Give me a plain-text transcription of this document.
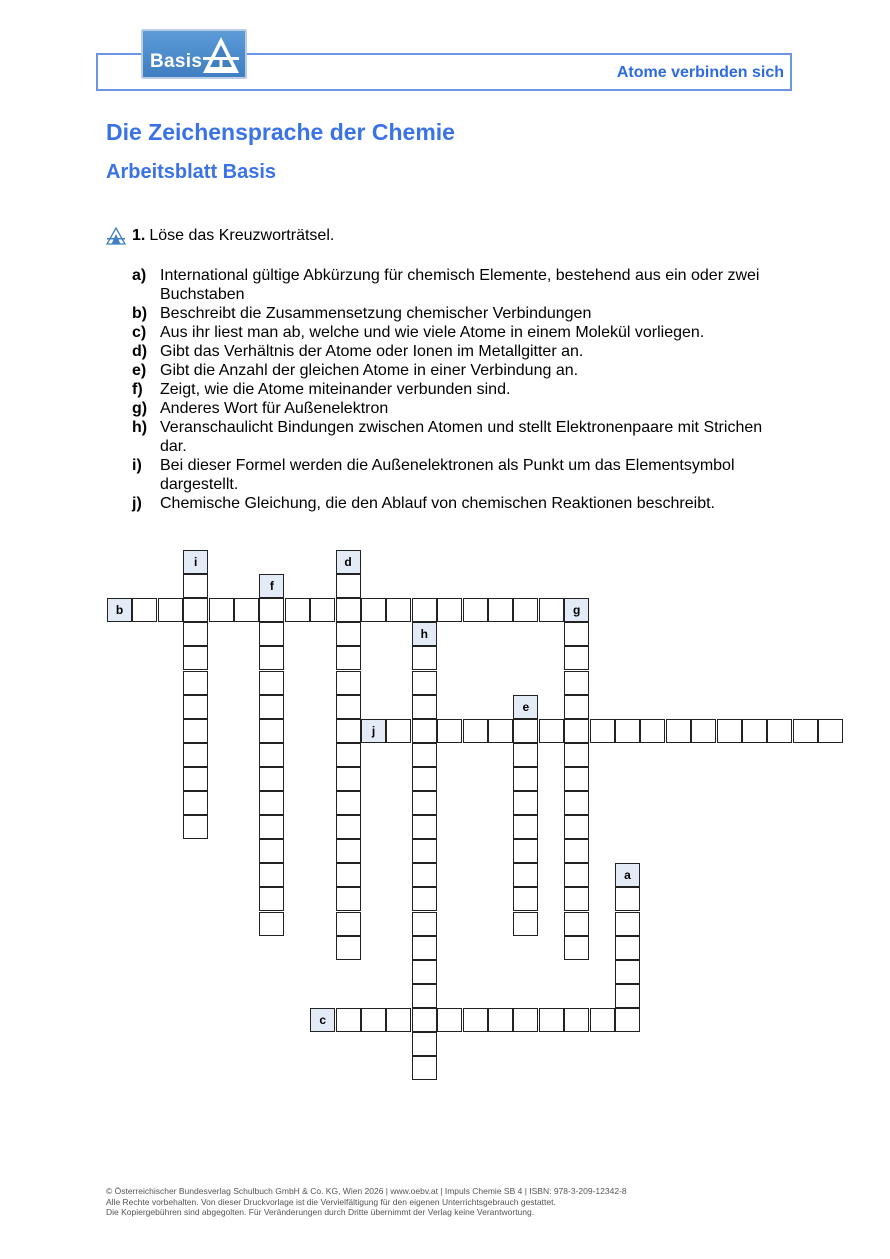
Basis
Atome verbinden sich
Die Zeichensprache der Chemie
Arbeitsblatt Basis
1. Löse das Kreuzworträtsel.
a) International gültige Abkürzung für chemisch Elemente, bestehend aus ein oder zwei Buchstaben
b) Beschreibt die Zusammensetzung chemischer Verbindungen
c) Aus ihr liest man ab, welche und wie viele Atome in einem Molekül vorliegen.
d) Gibt das Verhältnis der Atome oder Ionen im Metallgitter an.
e) Gibt die Anzahl der gleichen Atome in einer Verbindung an.
f)	Zeigt, wie die Atome miteinander verbunden sind.
g) Anderes Wort für Außenelektron
h) Veranschaulicht Bindungen zwischen Atomen und stellt Elektronenpaare mit Strichen dar.
i)	Bei dieser Formel werden die Außenelektronen als Punkt um das Elementsymbol dargestellt.
j)	Chemische Gleichung, die den Ablauf von chemischen Reaktionen beschreibt.
i	d
f
b	g
h
e
j
a
c
© Österreichischer Bundesverlag Schulbuch GmbH & Co. KG, Wien 2026 | www.oebv.at | Impuls Chemie SB 4 | ISBN: 978-3-209-12342-8
Alle Rechte vorbehalten. Von dieser Druckvorlage ist die Vervielfältigung für den eigenen Unterrichtsgebrauch gestattet.
Die Kopiergebühren sind abgegolten. Für Veränderungen durch Dritte übernimmt der Verlag keine Verantwortung.
